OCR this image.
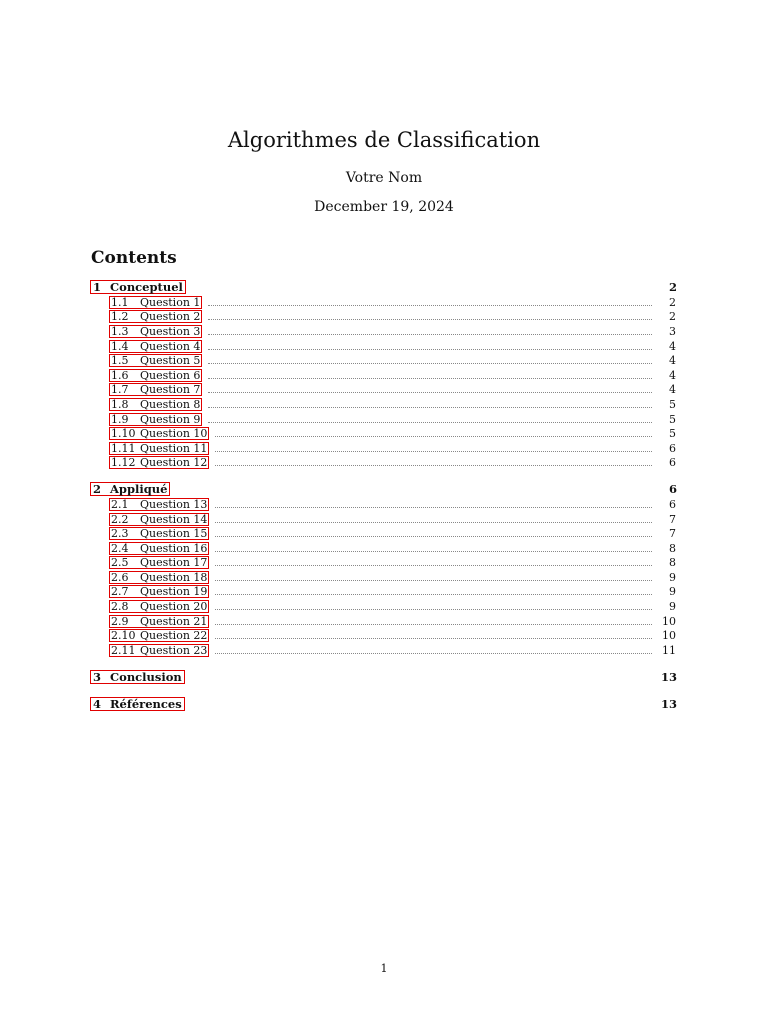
Algorithmes de Classification
Votre Nom
December 19, 2024
Contents
1 Conceptuel	2
1.1 Question 1	2
1.2 Question 2	2
1.3 Question 3	3
1.4 Question 4	4
1.5 Question 5	4
1.6 Question 6	4
1.7 Question 7	4
1.8 Question 8	5
1.9 Question 9	5
1.10 Question 10	5
1.11 Question 11	6
1.12 Question 12	6
2 Appliqué	6
2.1 Question 13	6
2.2 Question 14	7
2.3 Question 15	7
2.4 Question 16	8
2.5 Question 17	8
2.6 Question 18	9
2.7 Question 19	9
2.8 Question 20	9
2.9 Question 21	10
2.10 Question 22	10
2.11 Question 23	11
3 Conclusion	13
4 Références	13
1
